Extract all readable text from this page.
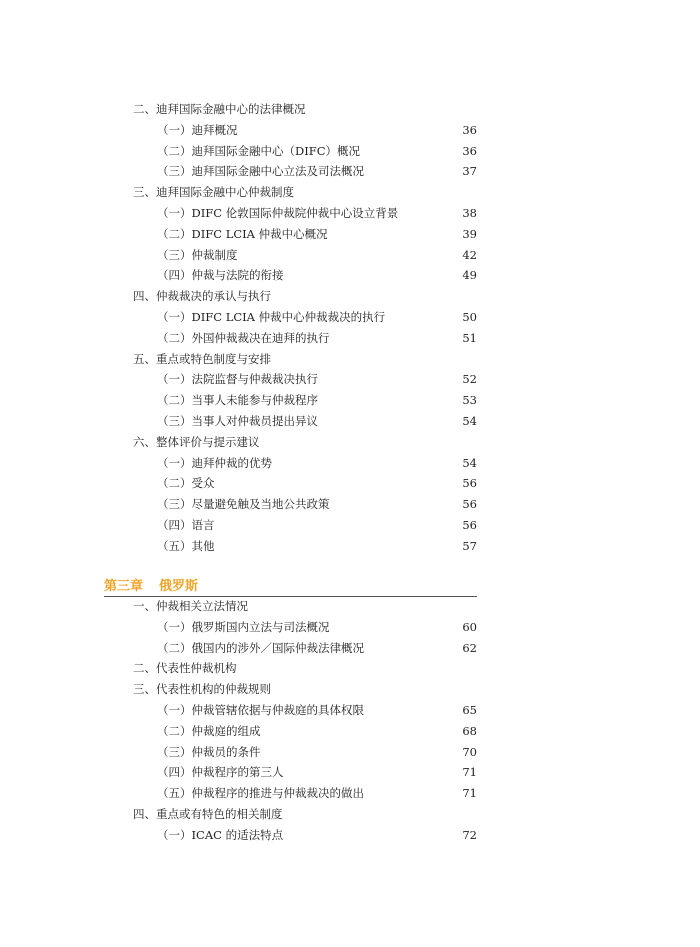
二、迪拜国际金融中心的法律概况
（一）迪拜概况	36
（二）迪拜国际金融中心（DIFC）概况	36
（三）迪拜国际金融中心立法及司法概况	37
三、迪拜国际金融中心仲裁制度
（一）DIFC 伦敦国际仲裁院仲裁中心设立背景	38
（二）DIFC LCIA 仲裁中心概况	39
（三）仲裁制度	42
（四）仲裁与法院的衔接	49
四、仲裁裁决的承认与执行
（一）DIFC LCIA 仲裁中心仲裁裁决的执行	50
（二）外国仲裁裁决在迪拜的执行	51
五、重点或特色制度与安排
（一）法院监督与仲裁裁决执行	52
（二）当事人未能参与仲裁程序	53
（三）当事人对仲裁员提出异议	54
六、整体评价与提示建议
（一）迪拜仲裁的优势	54
（二）受众	56
（三）尽量避免触及当地公共政策	56
（四）语言	56
（五）其他	57
一、仲裁相关立法情况
（一）俄罗斯国内立法与司法概况	60
（二）俄国内的涉外／国际仲裁法律概况	62
二、代表性仲裁机构
三、代表性机构的仲裁规则
（一）仲裁管辖依据与仲裁庭的具体权限	65
（二）仲裁庭的组成	68
（三）仲裁员的条件	70
（四）仲裁程序的第三人	71
（五）仲裁程序的推进与仲裁裁决的做出	71
四、重点或有特色的相关制度
（一）ICAC 的适法特点	72
第三章 俄罗斯
